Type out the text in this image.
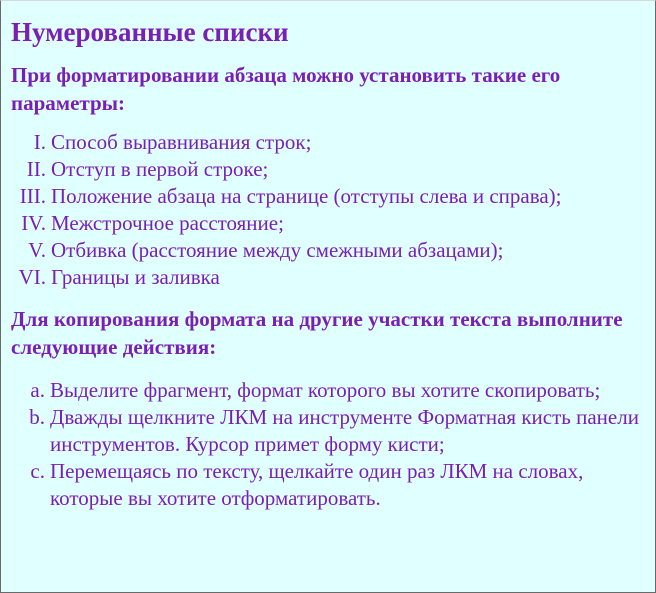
Нумерованные списки

При форматировании абзаца можно установить такие его параметры:

I. Способ выравнивания строк;
II. Отступ в первой строке;
III. Положение абзаца на странице (отступы слева и справа);
IV. Межстрочное расстояние;
V. Отбивка (расстояние между смежными абзацами);
VI. Границы и заливка

Для копирования формата на другие участки текста выполните следующие действия:

a. Выделите фрагмент, формат которого вы хотите скопировать;
b. Дважды щелкните ЛКМ на инструменте Форматная кисть панели инструментов. Курсор примет форму кисти;
c. Перемещаясь по тексту, щелкайте один раз ЛКМ на словах, которые вы хотите отформатировать.
